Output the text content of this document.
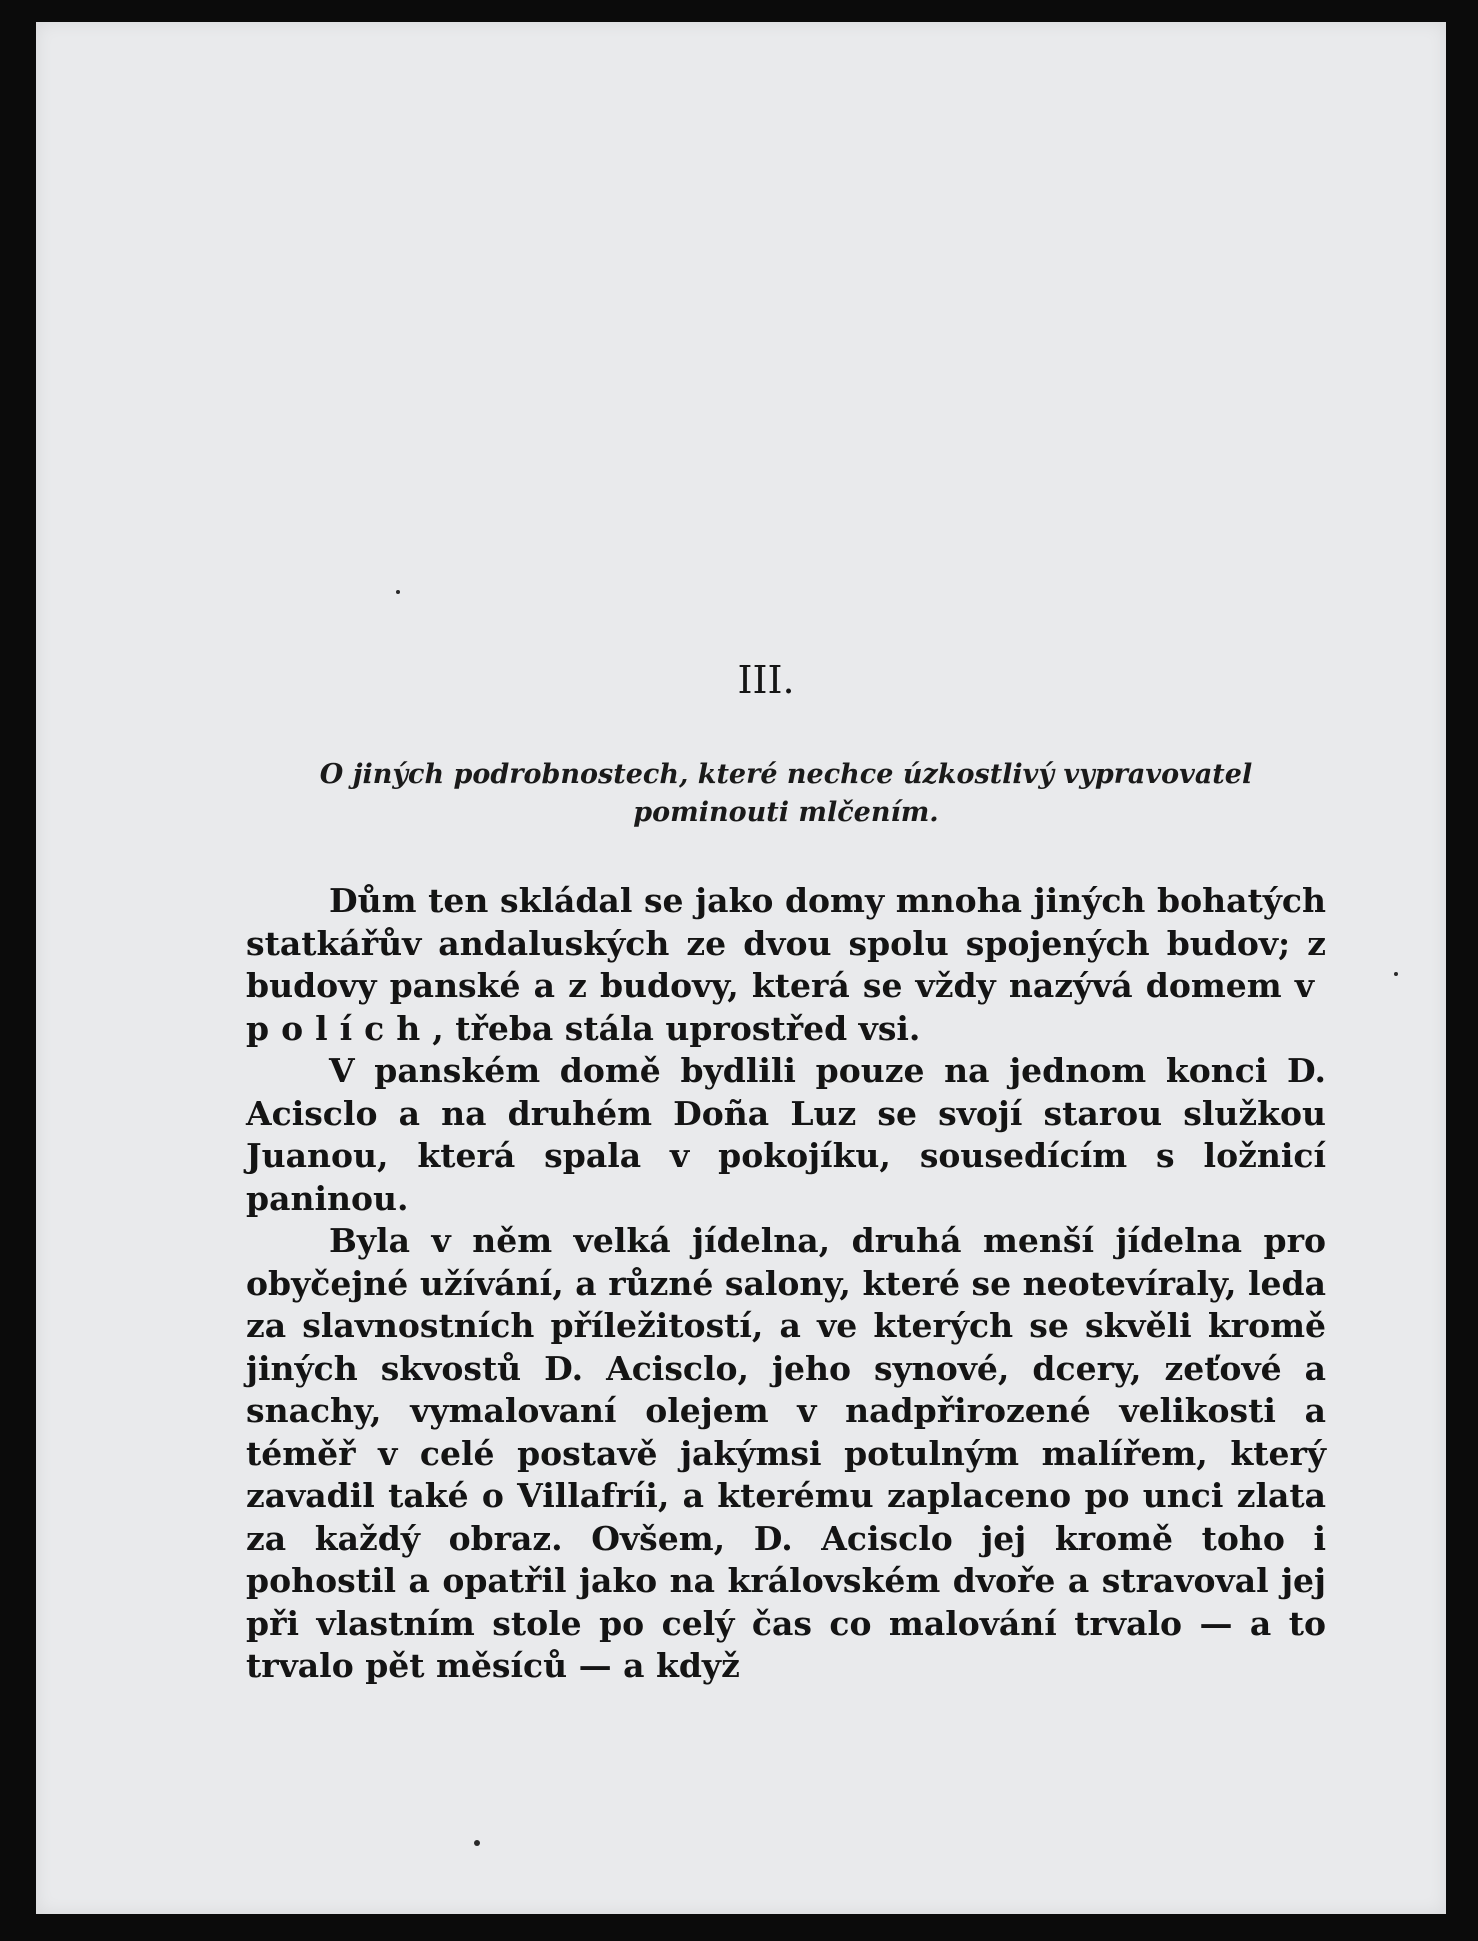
III.
O jiných podrobnostech, které nechce úzkostlivý vypravovatel pominouti mlčením.

Dům ten skládal se jako domy mnoha jiných bohatých statkářův andaluských ze dvou spolu spojených budov; z budovy panské a z budovy, která se vždy nazývá domem v polích, třeba stála uprostřed vsi.

V panském domě bydlili pouze na jednom konci D. Acisclo a na druhém Doña Luz se svojí starou služkou Juanou, která spala v pokojíku, sousedícím s ložnicí paninou.

Byla v něm velká jídelna, druhá menší jídelna pro obyčejné užívání, a různé salony, které se neotevíraly, leda za slavnostních příležitostí, a ve kterých se skvěli kromě jiných skvostů D. Acisclo, jeho synové, dcery, zeťové a snachy, vymalovaní olejem v nadpřirozené velikosti a téměř v celé postavě jakýmsi potulným malířem, který zavadil také o Villafríi, a kterému zaplaceno po unci zlata za každý obraz. Ovšem, D. Acisclo jej kromě toho i pohostil a opatřil jako na královském dvoře a stravoval jej při vlastním stole po celý čas co malování trvalo — a to trvalo pět měsíců — a když
